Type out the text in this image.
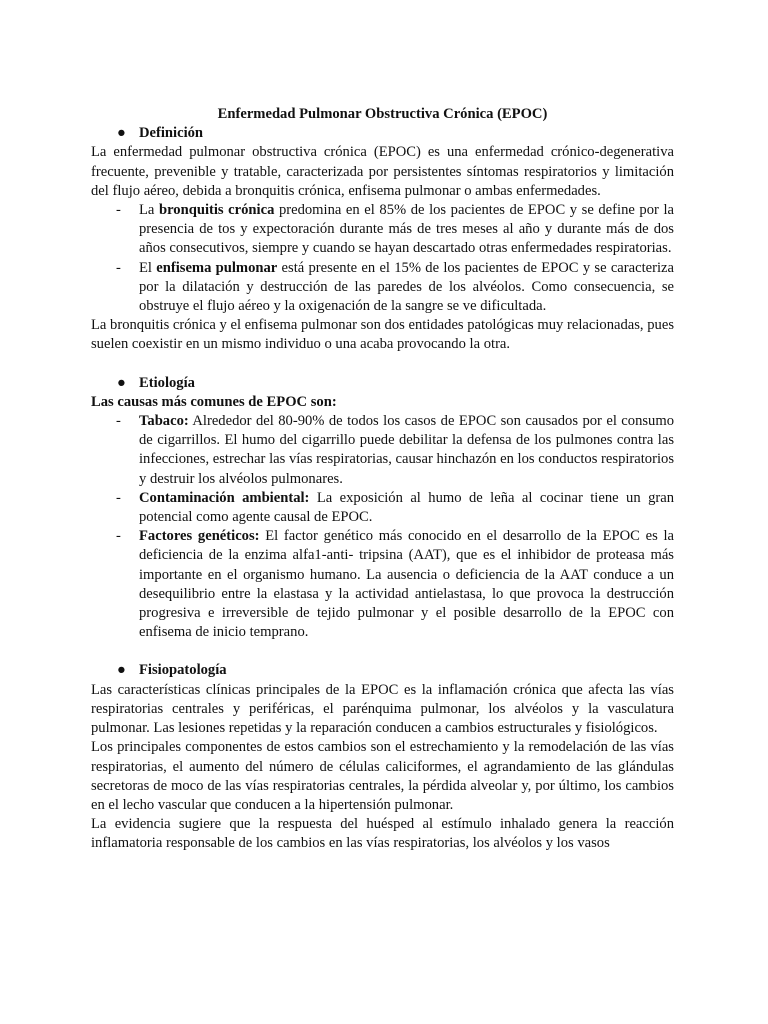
Enfermedad Pulmonar Obstructiva Crónica (EPOC)
● Definición

La enfermedad pulmonar obstructiva crónica (EPOC) es una enfermedad crónico-degenerativa frecuente, prevenible y tratable, caracterizada por persistentes síntomas respiratorios y limitación del flujo aéreo, debida a bronquitis crónica, enfisema pulmonar o ambas enfermedades.

- La bronquitis crónica predomina en el 85% de los pacientes de EPOC y se define por la presencia de tos y expectoración durante más de tres meses al año y durante más de dos años consecutivos, siempre y cuando se hayan descartado otras enfermedades respiratorias.
- El enfisema pulmonar está presente en el 15% de los pacientes de EPOC y se caracteriza por la dilatación y destrucción de las paredes de los alvéolos. Como consecuencia, se obstruye el flujo aéreo y la oxigenación de la sangre se ve dificultada.

La bronquitis crónica y el enfisema pulmonar son dos entidades patológicas muy relacionadas, pues suelen coexistir en un mismo individuo o una acaba provocando la otra.

● Etiología

Las causas más comunes de EPOC son:

- Tabaco: Alrededor del 80-90% de todos los casos de EPOC son causados por el consumo de cigarrillos. El humo del cigarrillo puede debilitar la defensa de los pulmones contra las infecciones, estrechar las vías respiratorias, causar hinchazón en los conductos respiratorios y destruir los alvéolos pulmonares.
- Contaminación ambiental: La exposición al humo de leña al cocinar tiene un gran potencial como agente causal de EPOC.
- Factores genéticos: El factor genético más conocido en el desarrollo de la EPOC es la deficiencia de la enzima alfa1-anti- tripsina (AAT), que es el inhibidor de proteasa más importante en el organismo humano. La ausencia o deficiencia de la AAT conduce a un desequilibrio entre la elastasa y la actividad antielastasa, lo que provoca la destrucción progresiva e irreversible de tejido pulmonar y el posible desarrollo de la EPOC con enfisema de inicio temprano.
● Fisiopatología

Las características clínicas principales de la EPOC es la inflamación crónica que afecta las vías respiratorias centrales y periféricas, el parénquima pulmonar, los alvéolos y la vasculatura pulmonar. Las lesiones repetidas y la reparación conducen a cambios estructurales y fisiológicos.

Los principales componentes de estos cambios son el estrechamiento y la remodelación de las vías respiratorias, el aumento del número de células caliciformes, el agrandamiento de las glándulas secretoras de moco de las vías respiratorias centrales, la pérdida alveolar y, por último, los cambios en el lecho vascular que conducen a la hipertensión pulmonar.

La evidencia sugiere que la respuesta del huésped al estímulo inhalado genera la reacción inflamatoria responsable de los cambios en las vías respiratorias, los alvéolos y los vasos
